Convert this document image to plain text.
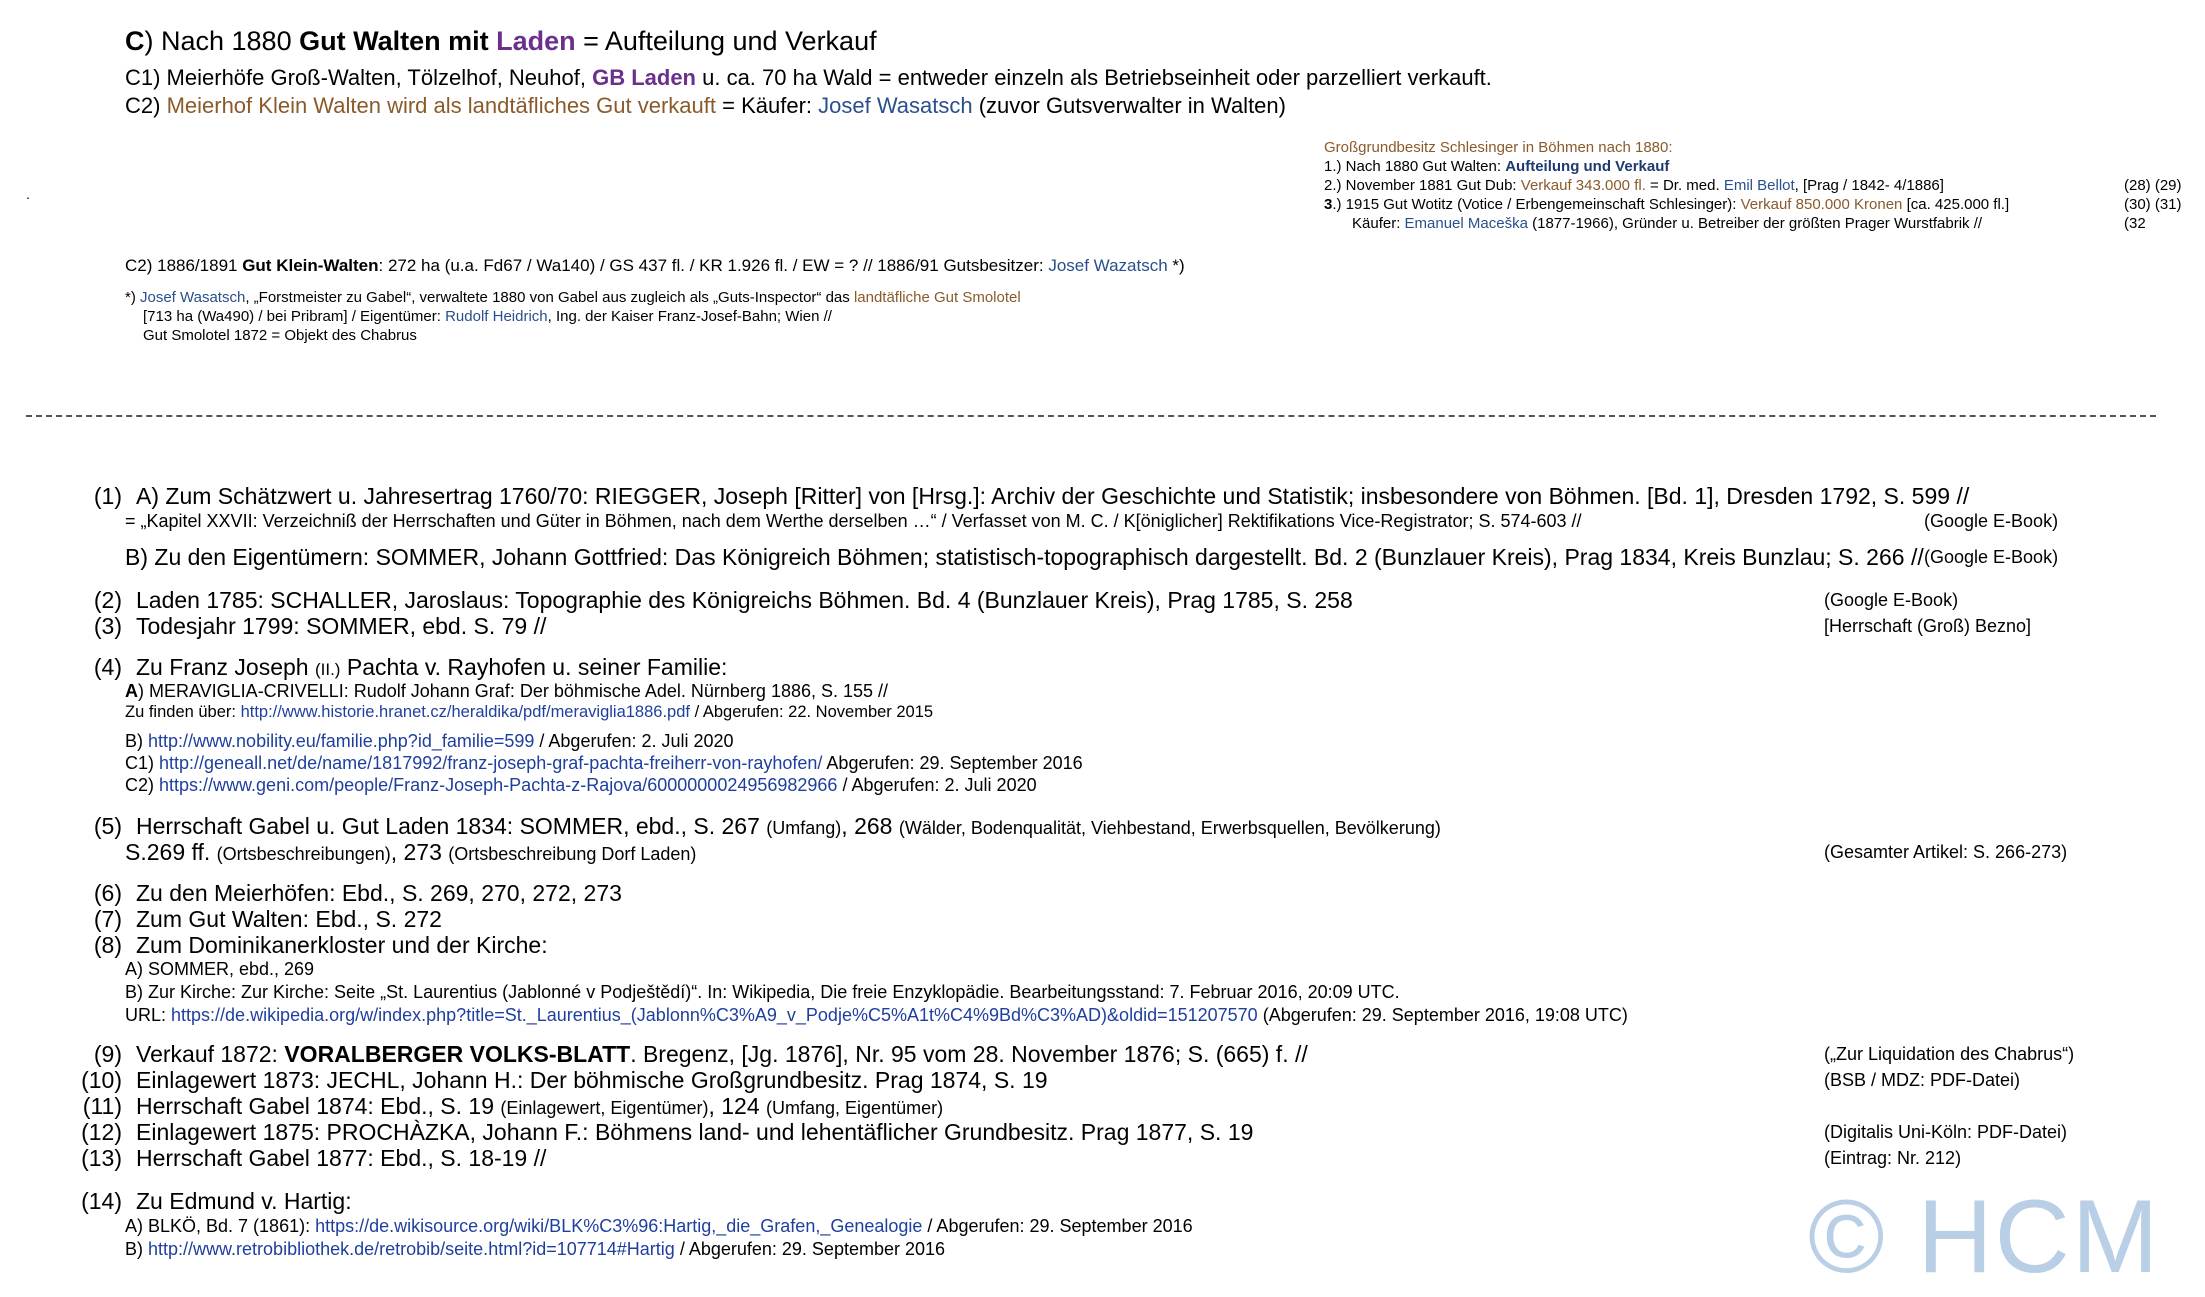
C) Nach 1880 Gut Walten mit Laden = Aufteilung und Verkauf
C1) Meierhöfe Groß-Walten, Tölzelhof, Neuhof, GB Laden u. ca. 70 ha Wald = entweder einzeln als Betriebseinheit oder parzelliert verkauft.
C2) Meierhof Klein Walten wird als landtäfliches Gut verkauft = Käufer: Josef Wasatsch (zuvor Gutsverwalter in Walten)
Großgrundbesitz Schlesinger in Böhmen nach 1880:
1.) Nach 1880 Gut Walten: Aufteilung und Verkauf
2.) November 1881 Gut Dub: Verkauf 343.000 fl. = Dr. med. Emil Bellot, [Prag / 1842- 4/1886]	(28) (29)
3.) 1915 Gut Wotitz (Votice / Erbengemeinschaft Schlesinger): Verkauf 850.000 Kronen [ca. 425.000 fl.]	(30) (31)
Käufer: Emanuel Maceška (1877-1966), Gründer u. Betreiber der größten Prager Wurstfabrik //	(32
.
C2) 1886/1891 Gut Klein-Walten: 272 ha (u.a. Fd67 / Wa140) / GS 437 fl. / KR 1.926 fl. / EW = ? // 1886/91 Gutsbesitzer: Josef Wazatsch *)
*) Josef Wasatsch, „Forstmeister zu Gabel“, verwaltete 1880 von Gabel aus zugleich als „Guts-Inspector“ das landtäfliche Gut Smolotel
[713 ha (Wa490) / bei Pribram] / Eigentümer: Rudolf Heidrich, Ing. der Kaiser Franz-Josef-Bahn; Wien //
Gut Smolotel 1872 = Objekt des Chabrus
(1) A) Zum Schätzwert u. Jahresertrag 1760/70: RIEGGER, Joseph [Ritter] von [Hrsg.]: Archiv der Geschichte und Statistik; insbesondere von Böhmen. [Bd. 1], Dresden 1792, S. 599 //
= „Kapitel XXVII: Verzeichniß der Herrschaften und Güter in Böhmen, nach dem Werthe derselben …“ / Verfasset von M. C. / K[öniglicher] Rektifikations Vice-Registrator; S. 574-603 //	(Google E-Book)
B) Zu den Eigentümern: SOMMER, Johann Gottfried: Das Königreich Böhmen; statistisch-topographisch dargestellt. Bd. 2 (Bunzlauer Kreis), Prag 1834, Kreis Bunzlau; S. 266 // (Google E-Book)
(2) Laden 1785: SCHALLER, Jaroslaus: Topographie des Königreichs Böhmen. Bd. 4 (Bunzlauer Kreis), Prag 1785, S. 258	(Google E-Book)
(3) Todesjahr 1799: SOMMER, ebd. S. 79 //	[Herrschaft (Groß) Bezno]
(4) Zu Franz Joseph (II.) Pachta v. Rayhofen u. seiner Familie:
A) MERAVIGLIA-CRIVELLI: Rudolf Johann Graf: Der böhmische Adel. Nürnberg 1886, S. 155 //
Zu finden über: http://www.historie.hranet.cz/heraldika/pdf/meraviglia1886.pdf / Abgerufen: 22. November 2015
B) http://www.nobility.eu/familie.php?id_familie=599 / Abgerufen: 2. Juli 2020
C1) http://geneall.net/de/name/1817992/franz-joseph-graf-pachta-freiherr-von-rayhofen/ Abgerufen: 29. September 2016
C2) https://www.geni.com/people/Franz-Joseph-Pachta-z-Rajova/6000000024956982966 / Abgerufen: 2. Juli 2020
(5) Herrschaft Gabel u. Gut Laden 1834: SOMMER, ebd., S. 267 (Umfang), 268 (Wälder, Bodenqualität, Viehbestand, Erwerbsquellen, Bevölkerung)
S.269 ff. (Ortsbeschreibungen), 273 (Ortsbeschreibung Dorf Laden)	(Gesamter Artikel: S. 266-273)
(6) Zu den Meierhöfen: Ebd., S. 269, 270, 272, 273
(7) Zum Gut Walten: Ebd., S. 272
(8) Zum Dominikanerkloster und der Kirche:
A) SOMMER, ebd., 269
B) Zur Kirche: Zur Kirche: Seite „St. Laurentius (Jablonné v Podještědí)“. In: Wikipedia, Die freie Enzyklopädie. Bearbeitungsstand: 7. Februar 2016, 20:09 UTC.
URL: https://de.wikipedia.org/w/index.php?title=St._Laurentius_(Jablonn%C3%A9_v_Podje%C5%A1t%C4%9Bd%C3%AD)&oldid=151207570 (Abgerufen: 29. September 2016, 19:08 UTC)
(9) Verkauf 1872: VORALBERGER VOLKS-BLATT. Bregenz, [Jg. 1876], Nr. 95 vom 28. November 1876; S. (665) f. //	(„Zur Liquidation des Chabrus“)
(10) Einlagewert 1873: JECHL, Johann H.: Der böhmische Großgrundbesitz. Prag 1874, S. 19	(BSB / MDZ: PDF-Datei)
(11) Herrschaft Gabel 1874: Ebd., S. 19 (Einlagewert, Eigentümer), 124 (Umfang, Eigentümer)
(12) Einlagewert 1875: PROCHÀZKA, Johann F.: Böhmens land- und lehentäflicher Grundbesitz. Prag 1877, S. 19	(Digitalis Uni-Köln: PDF-Datei)
(13) Herrschaft Gabel 1877: Ebd., S. 18-19 //	(Eintrag: Nr. 212)
(14) Zu Edmund v. Hartig:
A) BLKÖ, Bd. 7 (1861): https://de.wikisource.org/wiki/BLK%C3%96:Hartig,_die_Grafen,_Genealogie / Abgerufen: 29. September 2016
B) http://www.retrobibliothek.de/retrobib/seite.html?id=107714#Hartig / Abgerufen: 29. September 2016	© HCM
